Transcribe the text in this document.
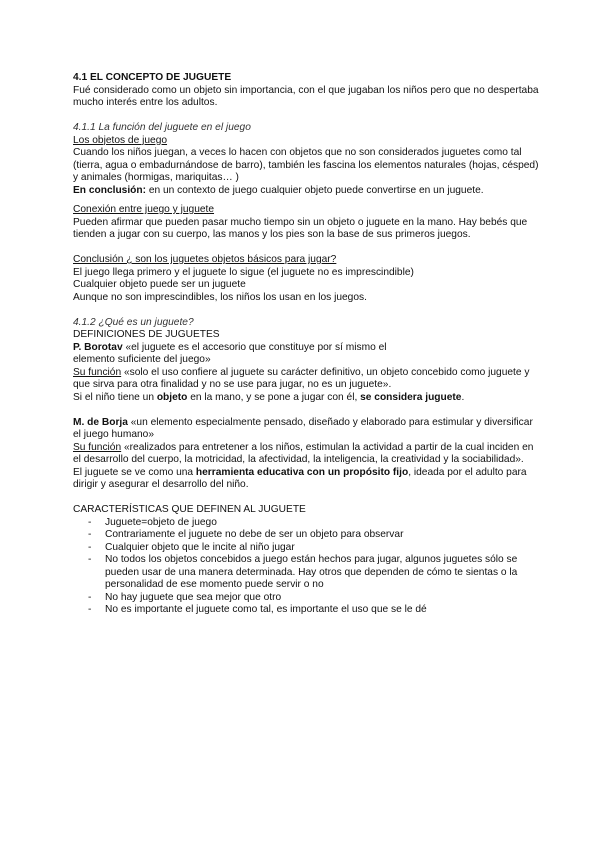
4.1 EL CONCEPTO DE JUGUETE

Fué considerado como un objeto sin importancia, con el que jugaban los niños pero que no despertaba mucho interés entre los adultos.

4.1.1 La función del juguete en el juego

Los objetos de juego

Cuando los niños juegan, a veces lo hacen con objetos que no son considerados juguetes como tal (tierra, agua o embadurnándose de barro), también les fascina los elementos naturales (hojas, césped) y animales (hormigas, mariquitas… )

En conclusión: en un contexto de juego cualquier objeto puede convertirse en un juguete.

Conexión entre juego y juguete

Pueden afirmar que pueden pasar mucho tiempo sin un objeto o juguete en la mano. Hay bebés que tienden a jugar con su cuerpo, las manos y los pies son la base de sus primeros juegos.

Conclusión ¿ son los juguetes objetos básicos para jugar?

El juego llega primero y el juguete lo sigue (el juguete no es imprescindible)

Cualquier objeto puede ser un juguete

Aunque no son imprescindibles, los niños los usan en los juegos.

4.1.2 ¿Qué es un juguete?

DEFINICIONES DE JUGUETES

P. Borotav «el juguete es el accesorio que constituye por sí mismo el elemento suficiente del juego»

Su función «solo el uso confiere al juguete su carácter definitivo, un objeto concebido como juguete y que sirva para otra finalidad y no se use para jugar, no es un juguete».

Si el niño tiene un objeto en la mano, y se pone a jugar con él, se considera juguete.

M. de Borja «un elemento especialmente pensado, diseñado y elaborado para estimular y diversificar el juego humano»

Su función «realizados para entretener a los niños, estimulan la actividad a partir de la cual inciden en el desarrollo del cuerpo, la motricidad, la afectividad, la inteligencia, la creatividad y la sociabilidad».

El juguete se ve como una herramienta educativa con un propósito fijo, ideada por el adulto para dirigir y asegurar el desarrollo del niño.

CARACTERÍSTICAS QUE DEFINEN AL JUGUETE

- Juguete=objeto de juego
- Contrariamente el juguete no debe de ser un objeto para observar
- Cualquier objeto que le incite al niño jugar
- No todos los objetos concebidos a juego están hechos para jugar, algunos juguetes sólo se pueden usar de una manera determinada. Hay otros que dependen de cómo te sientas o la personalidad de ese momento puede servir o no
- No hay juguete que sea mejor que otro
- No es importante el juguete como tal, es importante el uso que se le dé
